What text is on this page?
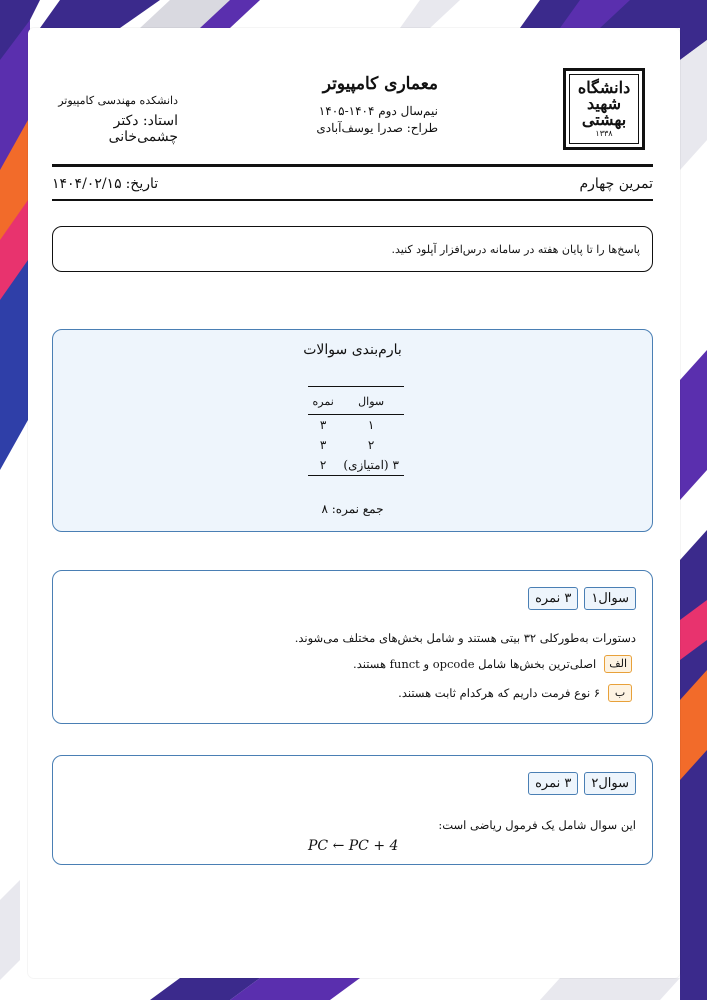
دانشگاه
شهید
بهشتی
۱۳۳۸
معماری کامپیوتر
نیم‌سال دوم ۱۴۰۴-۱۴۰۵
طراح: صدرا یوسف‌آبادی
دانشکده مهندسی کامپیوتر
استاد: دکتر چشمی‌خانی
تاریخ:
۱۴۰۴/۰۲/۱۵	تمرین چهارم
پاسخ‌ها را تا پایان هفته در سامانه درس‌افزار آپلود کنید.
بارم‌بندی سوالات
سوال	نمره
۱	۳
۲	۳
۳ (امتیازی)	۲
جمع نمره: ۸
سوال۱
۳ نمره
دستورات به‌طورکلی ۳۲ بیتی هستند و شامل بخش‌های مختلف می‌شوند.
الف
اصلی‌ترین بخش‌ها شامل opcode و funct هستند.
ب
۶ نوع فرمت داریم که هرکدام ثابت هستند.
سوال۲
۳ نمره
این سوال شامل یک فرمول ریاضی است:
PC ← PC + 4
